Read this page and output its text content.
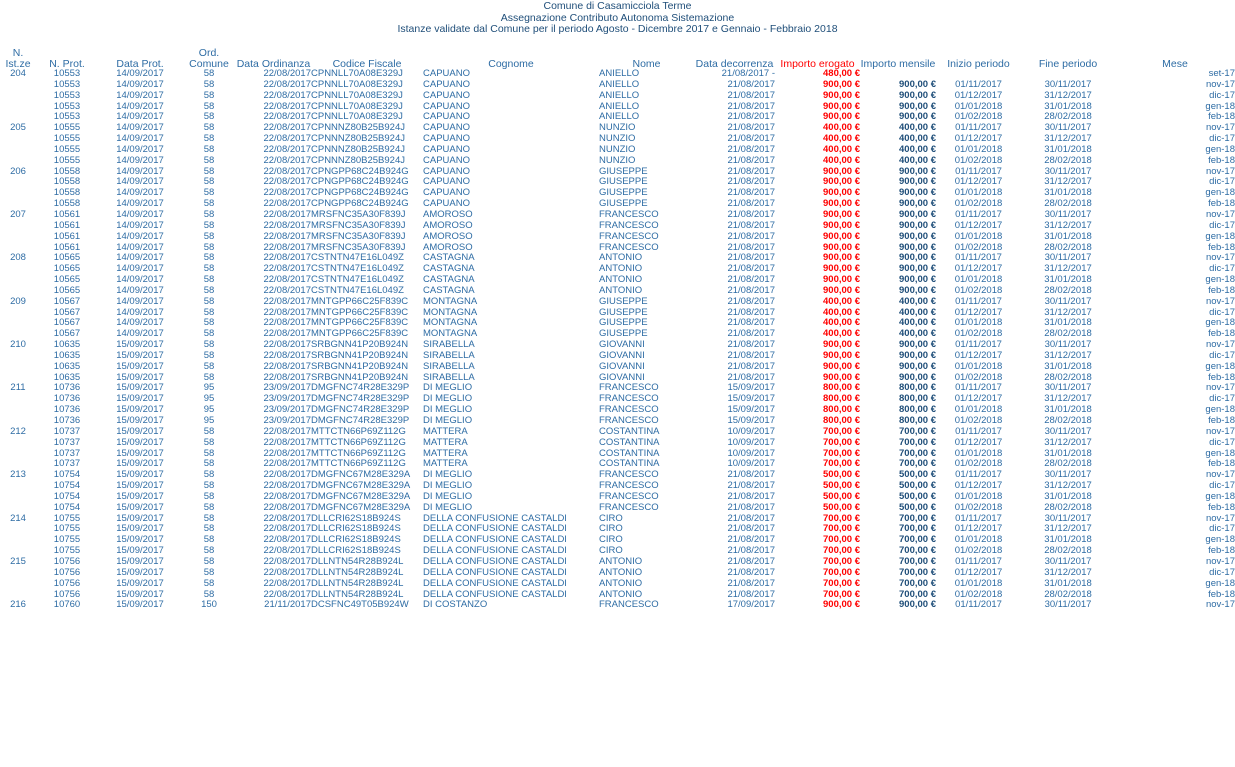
Comune di Casamicciola Terme
Assegnazione Contributo Autonoma Sistemazione
Istanze validate dal Comune per il periodo Agosto - Dicembre 2017 e Gennaio - Febbraio 2018
N. Ist.ze	N. Prot.	Data Prot.	Ord. Comune	Data Ordinanza	Codice Fiscale	Cognome	Nome	Data decorrenza	Importo erogato	Importo mensile	Inizio periodo	Fine periodo	Mese
204	10553	14/09/2017	58	22/08/2017	CPNNLL70A08E329J	CAPUANO	ANIELLO	21/08/2017 -	480,00 €				set-17
	10553	14/09/2017	58	22/08/2017	CPNNLL70A08E329J	CAPUANO	ANIELLO	21/08/2017	900,00 €	900,00 €	01/11/2017	30/11/2017	nov-17
	10553	14/09/2017	58	22/08/2017	CPNNLL70A08E329J	CAPUANO	ANIELLO	21/08/2017	900,00 €	900,00 €	01/12/2017	31/12/2017	dic-17
	10553	14/09/2017	58	22/08/2017	CPNNLL70A08E329J	CAPUANO	ANIELLO	21/08/2017	900,00 €	900,00 €	01/01/2018	31/01/2018	gen-18
	10553	14/09/2017	58	22/08/2017	CPNNLL70A08E329J	CAPUANO	ANIELLO	21/08/2017	900,00 €	900,00 €	01/02/2018	28/02/2018	feb-18
205	10555	14/09/2017	58	22/08/2017	CPNNNZ80B25B924J	CAPUANO	NUNZIO	21/08/2017	400,00 €	400,00 €	01/11/2017	30/11/2017	nov-17
	10555	14/09/2017	58	22/08/2017	CPNNNZ80B25B924J	CAPUANO	NUNZIO	21/08/2017	400,00 €	400,00 €	01/12/2017	31/12/2017	dic-17
	10555	14/09/2017	58	22/08/2017	CPNNNZ80B25B924J	CAPUANO	NUNZIO	21/08/2017	400,00 €	400,00 €	01/01/2018	31/01/2018	gen-18
	10555	14/09/2017	58	22/08/2017	CPNNNZ80B25B924J	CAPUANO	NUNZIO	21/08/2017	400,00 €	400,00 €	01/02/2018	28/02/2018	feb-18
206	10558	14/09/2017	58	22/08/2017	CPNGPP68C24B924G	CAPUANO	GIUSEPPE	21/08/2017	900,00 €	900,00 €	01/11/2017	30/11/2017	nov-17
	10558	14/09/2017	58	22/08/2017	CPNGPP68C24B924G	CAPUANO	GIUSEPPE	21/08/2017	900,00 €	900,00 €	01/12/2017	31/12/2017	dic-17
	10558	14/09/2017	58	22/08/2017	CPNGPP68C24B924G	CAPUANO	GIUSEPPE	21/08/2017	900,00 €	900,00 €	01/01/2018	31/01/2018	gen-18
	10558	14/09/2017	58	22/08/2017	CPNGPP68C24B924G	CAPUANO	GIUSEPPE	21/08/2017	900,00 €	900,00 €	01/02/2018	28/02/2018	feb-18
207	10561	14/09/2017	58	22/08/2017	MRSFNC35A30F839J	AMOROSO	FRANCESCO	21/08/2017	900,00 €	900,00 €	01/11/2017	30/11/2017	nov-17
	10561	14/09/2017	58	22/08/2017	MRSFNC35A30F839J	AMOROSO	FRANCESCO	21/08/2017	900,00 €	900,00 €	01/12/2017	31/12/2017	dic-17
	10561	14/09/2017	58	22/08/2017	MRSFNC35A30F839J	AMOROSO	FRANCESCO	21/08/2017	900,00 €	900,00 €	01/01/2018	31/01/2018	gen-18
	10561	14/09/2017	58	22/08/2017	MRSFNC35A30F839J	AMOROSO	FRANCESCO	21/08/2017	900,00 €	900,00 €	01/02/2018	28/02/2018	feb-18
208	10565	14/09/2017	58	22/08/2017	CSTNTN47E16L049Z	CASTAGNA	ANTONIO	21/08/2017	900,00 €	900,00 €	01/11/2017	30/11/2017	nov-17
	10565	14/09/2017	58	22/08/2017	CSTNTN47E16L049Z	CASTAGNA	ANTONIO	21/08/2017	900,00 €	900,00 €	01/12/2017	31/12/2017	dic-17
	10565	14/09/2017	58	22/08/2017	CSTNTN47E16L049Z	CASTAGNA	ANTONIO	21/08/2017	900,00 €	900,00 €	01/01/2018	31/01/2018	gen-18
	10565	14/09/2017	58	22/08/2017	CSTNTN47E16L049Z	CASTAGNA	ANTONIO	21/08/2017	900,00 €	900,00 €	01/02/2018	28/02/2018	feb-18
209	10567	14/09/2017	58	22/08/2017	MNTGPP66C25F839C	MONTAGNA	GIUSEPPE	21/08/2017	400,00 €	400,00 €	01/11/2017	30/11/2017	nov-17
	10567	14/09/2017	58	22/08/2017	MNTGPP66C25F839C	MONTAGNA	GIUSEPPE	21/08/2017	400,00 €	400,00 €	01/12/2017	31/12/2017	dic-17
	10567	14/09/2017	58	22/08/2017	MNTGPP66C25F839C	MONTAGNA	GIUSEPPE	21/08/2017	400,00 €	400,00 €	01/01/2018	31/01/2018	gen-18
	10567	14/09/2017	58	22/08/2017	MNTGPP66C25F839C	MONTAGNA	GIUSEPPE	21/08/2017	400,00 €	400,00 €	01/02/2018	28/02/2018	feb-18
210	10635	15/09/2017	58	22/08/2017	SRBGNN41P20B924N	SIRABELLA	GIOVANNI	21/08/2017	900,00 €	900,00 €	01/11/2017	30/11/2017	nov-17
	10635	15/09/2017	58	22/08/2017	SRBGNN41P20B924N	SIRABELLA	GIOVANNI	21/08/2017	900,00 €	900,00 €	01/12/2017	31/12/2017	dic-17
	10635	15/09/2017	58	22/08/2017	SRBGNN41P20B924N	SIRABELLA	GIOVANNI	21/08/2017	900,00 €	900,00 €	01/01/2018	31/01/2018	gen-18
	10635	15/09/2017	58	22/08/2017	SRBGNN41P20B924N	SIRABELLA	GIOVANNI	21/08/2017	900,00 €	900,00 €	01/02/2018	28/02/2018	feb-18
211	10736	15/09/2017	95	23/09/2017	DMGFNC74R28E329P	DI MEGLIO	FRANCESCO	15/09/2017	800,00 €	800,00 €	01/11/2017	30/11/2017	nov-17
	10736	15/09/2017	95	23/09/2017	DMGFNC74R28E329P	DI MEGLIO	FRANCESCO	15/09/2017	800,00 €	800,00 €	01/12/2017	31/12/2017	dic-17
	10736	15/09/2017	95	23/09/2017	DMGFNC74R28E329P	DI MEGLIO	FRANCESCO	15/09/2017	800,00 €	800,00 €	01/01/2018	31/01/2018	gen-18
	10736	15/09/2017	95	23/09/2017	DMGFNC74R28E329P	DI MEGLIO	FRANCESCO	15/09/2017	800,00 €	800,00 €	01/02/2018	28/02/2018	feb-18
212	10737	15/09/2017	58	22/08/2017	MTTCTN66P69Z112G	MATTERA	COSTANTINA	10/09/2017	700,00 €	700,00 €	01/11/2017	30/11/2017	nov-17
	10737	15/09/2017	58	22/08/2017	MTTCTN66P69Z112G	MATTERA	COSTANTINA	10/09/2017	700,00 €	700,00 €	01/12/2017	31/12/2017	dic-17
	10737	15/09/2017	58	22/08/2017	MTTCTN66P69Z112G	MATTERA	COSTANTINA	10/09/2017	700,00 €	700,00 €	01/01/2018	31/01/2018	gen-18
	10737	15/09/2017	58	22/08/2017	MTTCTN66P69Z112G	MATTERA	COSTANTINA	10/09/2017	700,00 €	700,00 €	01/02/2018	28/02/2018	feb-18
213	10754	15/09/2017	58	22/08/2017	DMGFNC67M28E329A	DI MEGLIO	FRANCESCO	21/08/2017	500,00 €	500,00 €	01/11/2017	30/11/2017	nov-17
	10754	15/09/2017	58	22/08/2017	DMGFNC67M28E329A	DI MEGLIO	FRANCESCO	21/08/2017	500,00 €	500,00 €	01/12/2017	31/12/2017	dic-17
	10754	15/09/2017	58	22/08/2017	DMGFNC67M28E329A	DI MEGLIO	FRANCESCO	21/08/2017	500,00 €	500,00 €	01/01/2018	31/01/2018	gen-18
	10754	15/09/2017	58	22/08/2017	DMGFNC67M28E329A	DI MEGLIO	FRANCESCO	21/08/2017	500,00 €	500,00 €	01/02/2018	28/02/2018	feb-18
214	10755	15/09/2017	58	22/08/2017	DLLCRI62S18B924S	DELLA CONFUSIONE CASTALDI	CIRO	21/08/2017	700,00 €	700,00 €	01/11/2017	30/11/2017	nov-17
	10755	15/09/2017	58	22/08/2017	DLLCRI62S18B924S	DELLA CONFUSIONE CASTALDI	CIRO	21/08/2017	700,00 €	700,00 €	01/12/2017	31/12/2017	dic-17
	10755	15/09/2017	58	22/08/2017	DLLCRI62S18B924S	DELLA CONFUSIONE CASTALDI	CIRO	21/08/2017	700,00 €	700,00 €	01/01/2018	31/01/2018	gen-18
	10755	15/09/2017	58	22/08/2017	DLLCRI62S18B924S	DELLA CONFUSIONE CASTALDI	CIRO	21/08/2017	700,00 €	700,00 €	01/02/2018	28/02/2018	feb-18
215	10756	15/09/2017	58	22/08/2017	DLLNTN54R28B924L	DELLA CONFUSIONE CASTALDI	ANTONIO	21/08/2017	700,00 €	700,00 €	01/11/2017	30/11/2017	nov-17
	10756	15/09/2017	58	22/08/2017	DLLNTN54R28B924L	DELLA CONFUSIONE CASTALDI	ANTONIO	21/08/2017	700,00 €	700,00 €	01/12/2017	31/12/2017	dic-17
	10756	15/09/2017	58	22/08/2017	DLLNTN54R28B924L	DELLA CONFUSIONE CASTALDI	ANTONIO	21/08/2017	700,00 €	700,00 €	01/01/2018	31/01/2018	gen-18
	10756	15/09/2017	58	22/08/2017	DLLNTN54R28B924L	DELLA CONFUSIONE CASTALDI	ANTONIO	21/08/2017	700,00 €	700,00 €	01/02/2018	28/02/2018	feb-18
216	10760	15/09/2017	150	21/11/2017	DCSFNC49T05B924W	DI COSTANZO	FRANCESCO	17/09/2017	900,00 €	900,00 €	01/11/2017	30/11/2017	nov-17
